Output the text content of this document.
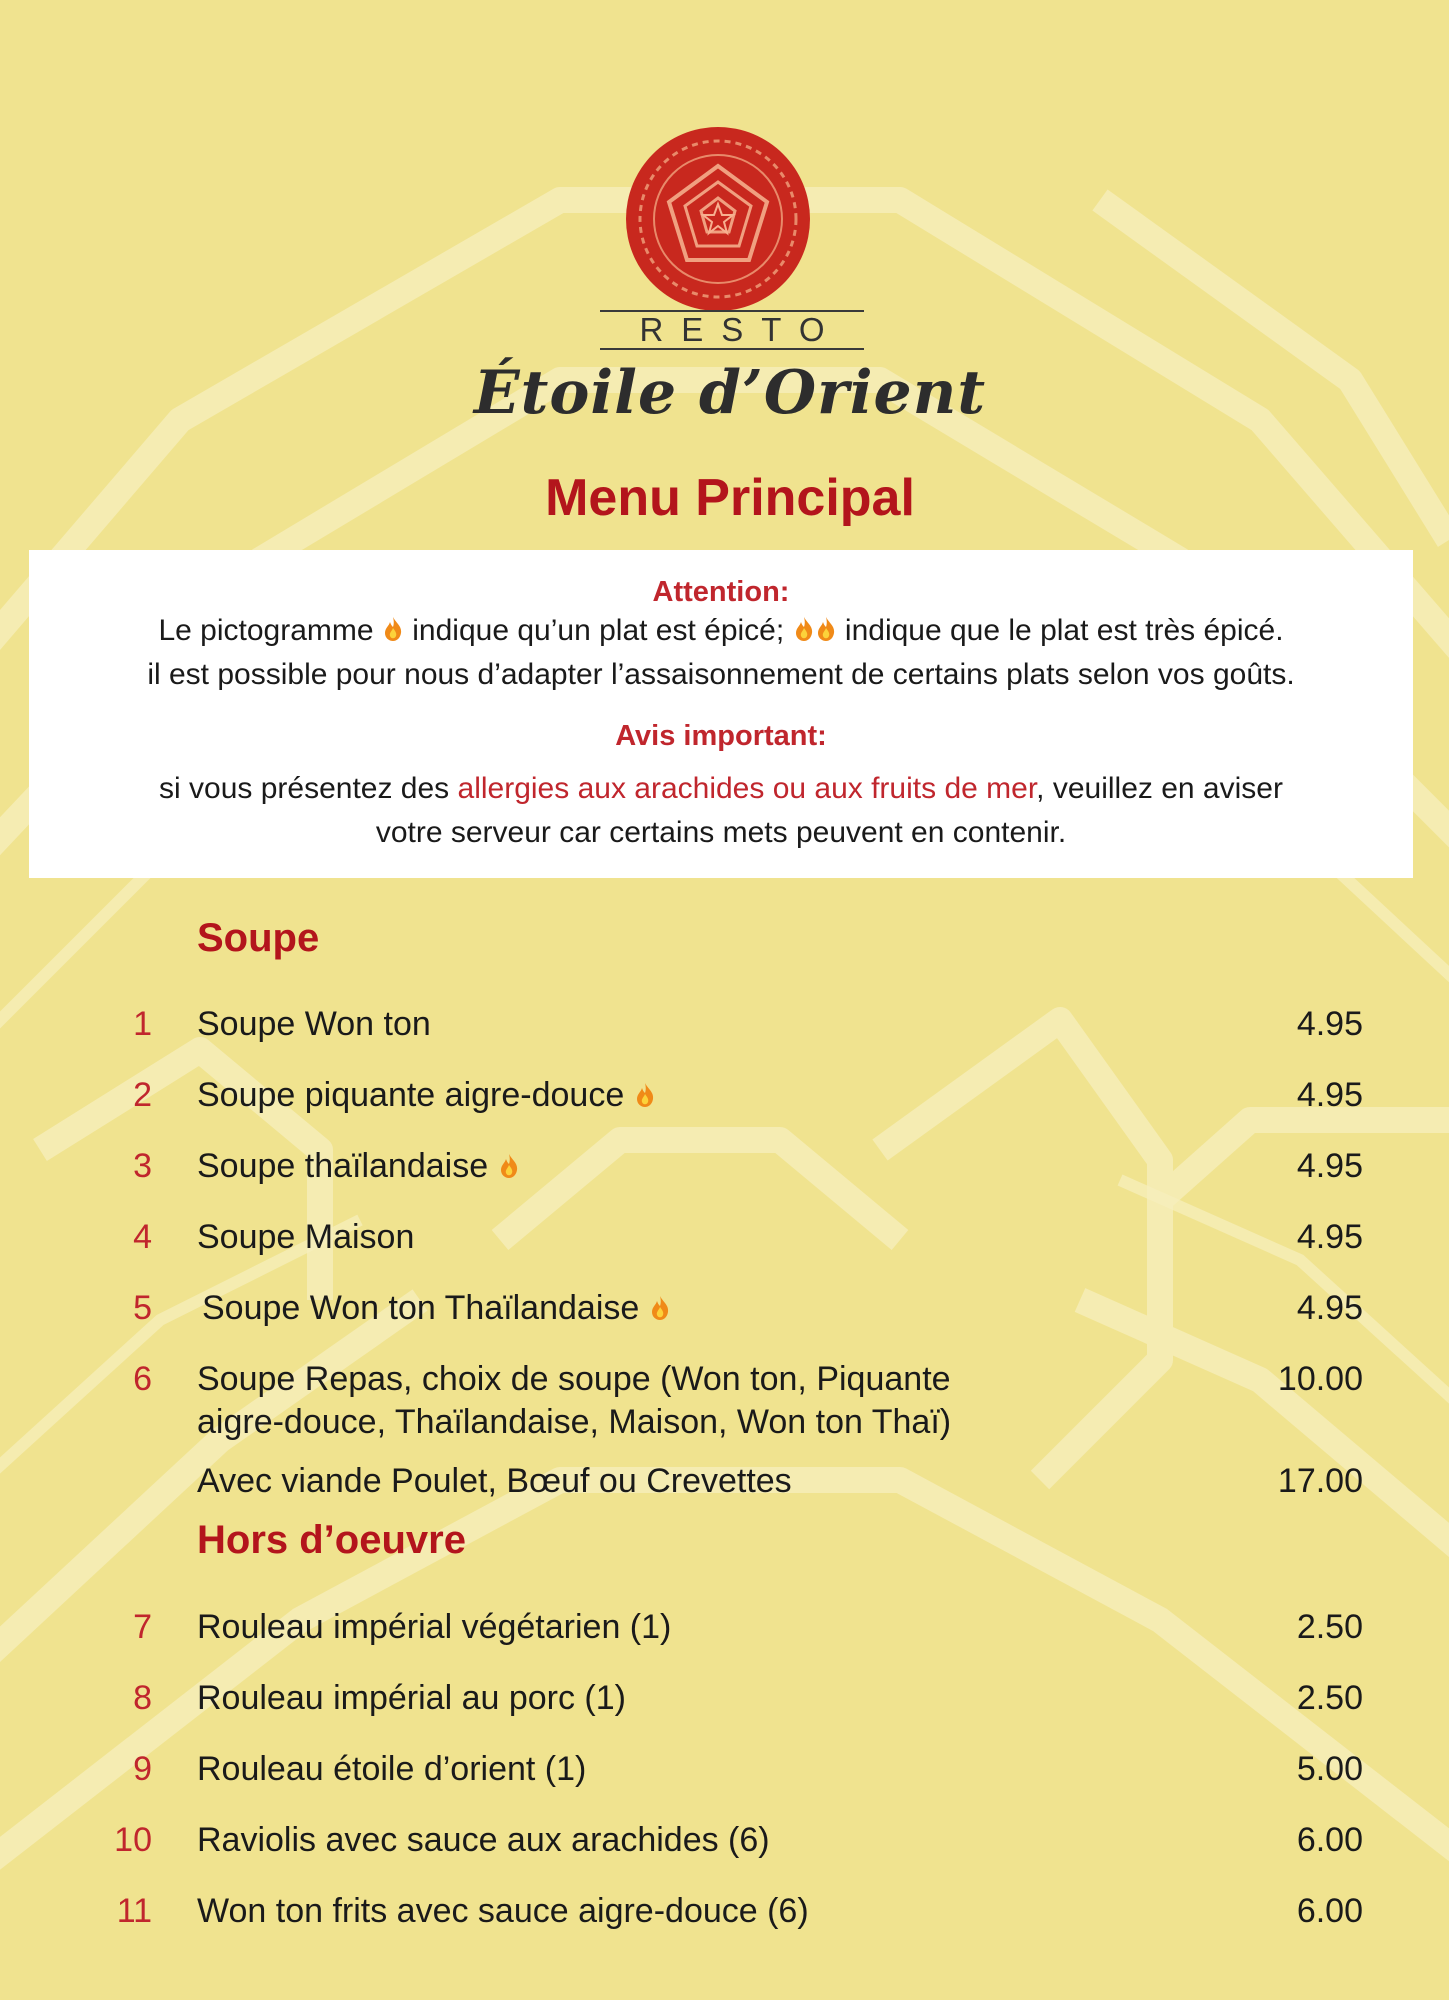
RESTO
Étoile d’Orient
Menu Principal
Attention:
Le pictogramme indique qu’un plat est épicé; indique que le plat est très épicé.
il est possible pour nous d’adapter l’assaisonnement de certains plats selon vos goûts.
Avis important:
si vous présentez des allergies aux arachides ou aux fruits de mer, veuillez en aviser
votre serveur car certains mets peuvent en contenir.
Soupe
1 Soupe Won ton	4.95
2 Soupe piquante aigre-douce	4.95
3 Soupe thaïlandaise	4.95
4 Soupe Maison	4.95
5 Soupe Won ton Thaïlandaise	4.95
6 Soupe Repas, choix de soupe (Won ton, Piquante	10.00
aigre-douce, Thaïlandaise, Maison, Won ton Thaï)
Avec viande Poulet, Bœuf ou Crevettes	17.00
Hors d’oeuvre
7 Rouleau impérial végétarien (1)	2.50
8 Rouleau impérial au porc (1)	2.50
9 Rouleau étoile d’orient (1)	5.00
10 Raviolis avec sauce aux arachides (6)	6.00
11 Won ton frits avec sauce aigre-douce (6)	6.00
